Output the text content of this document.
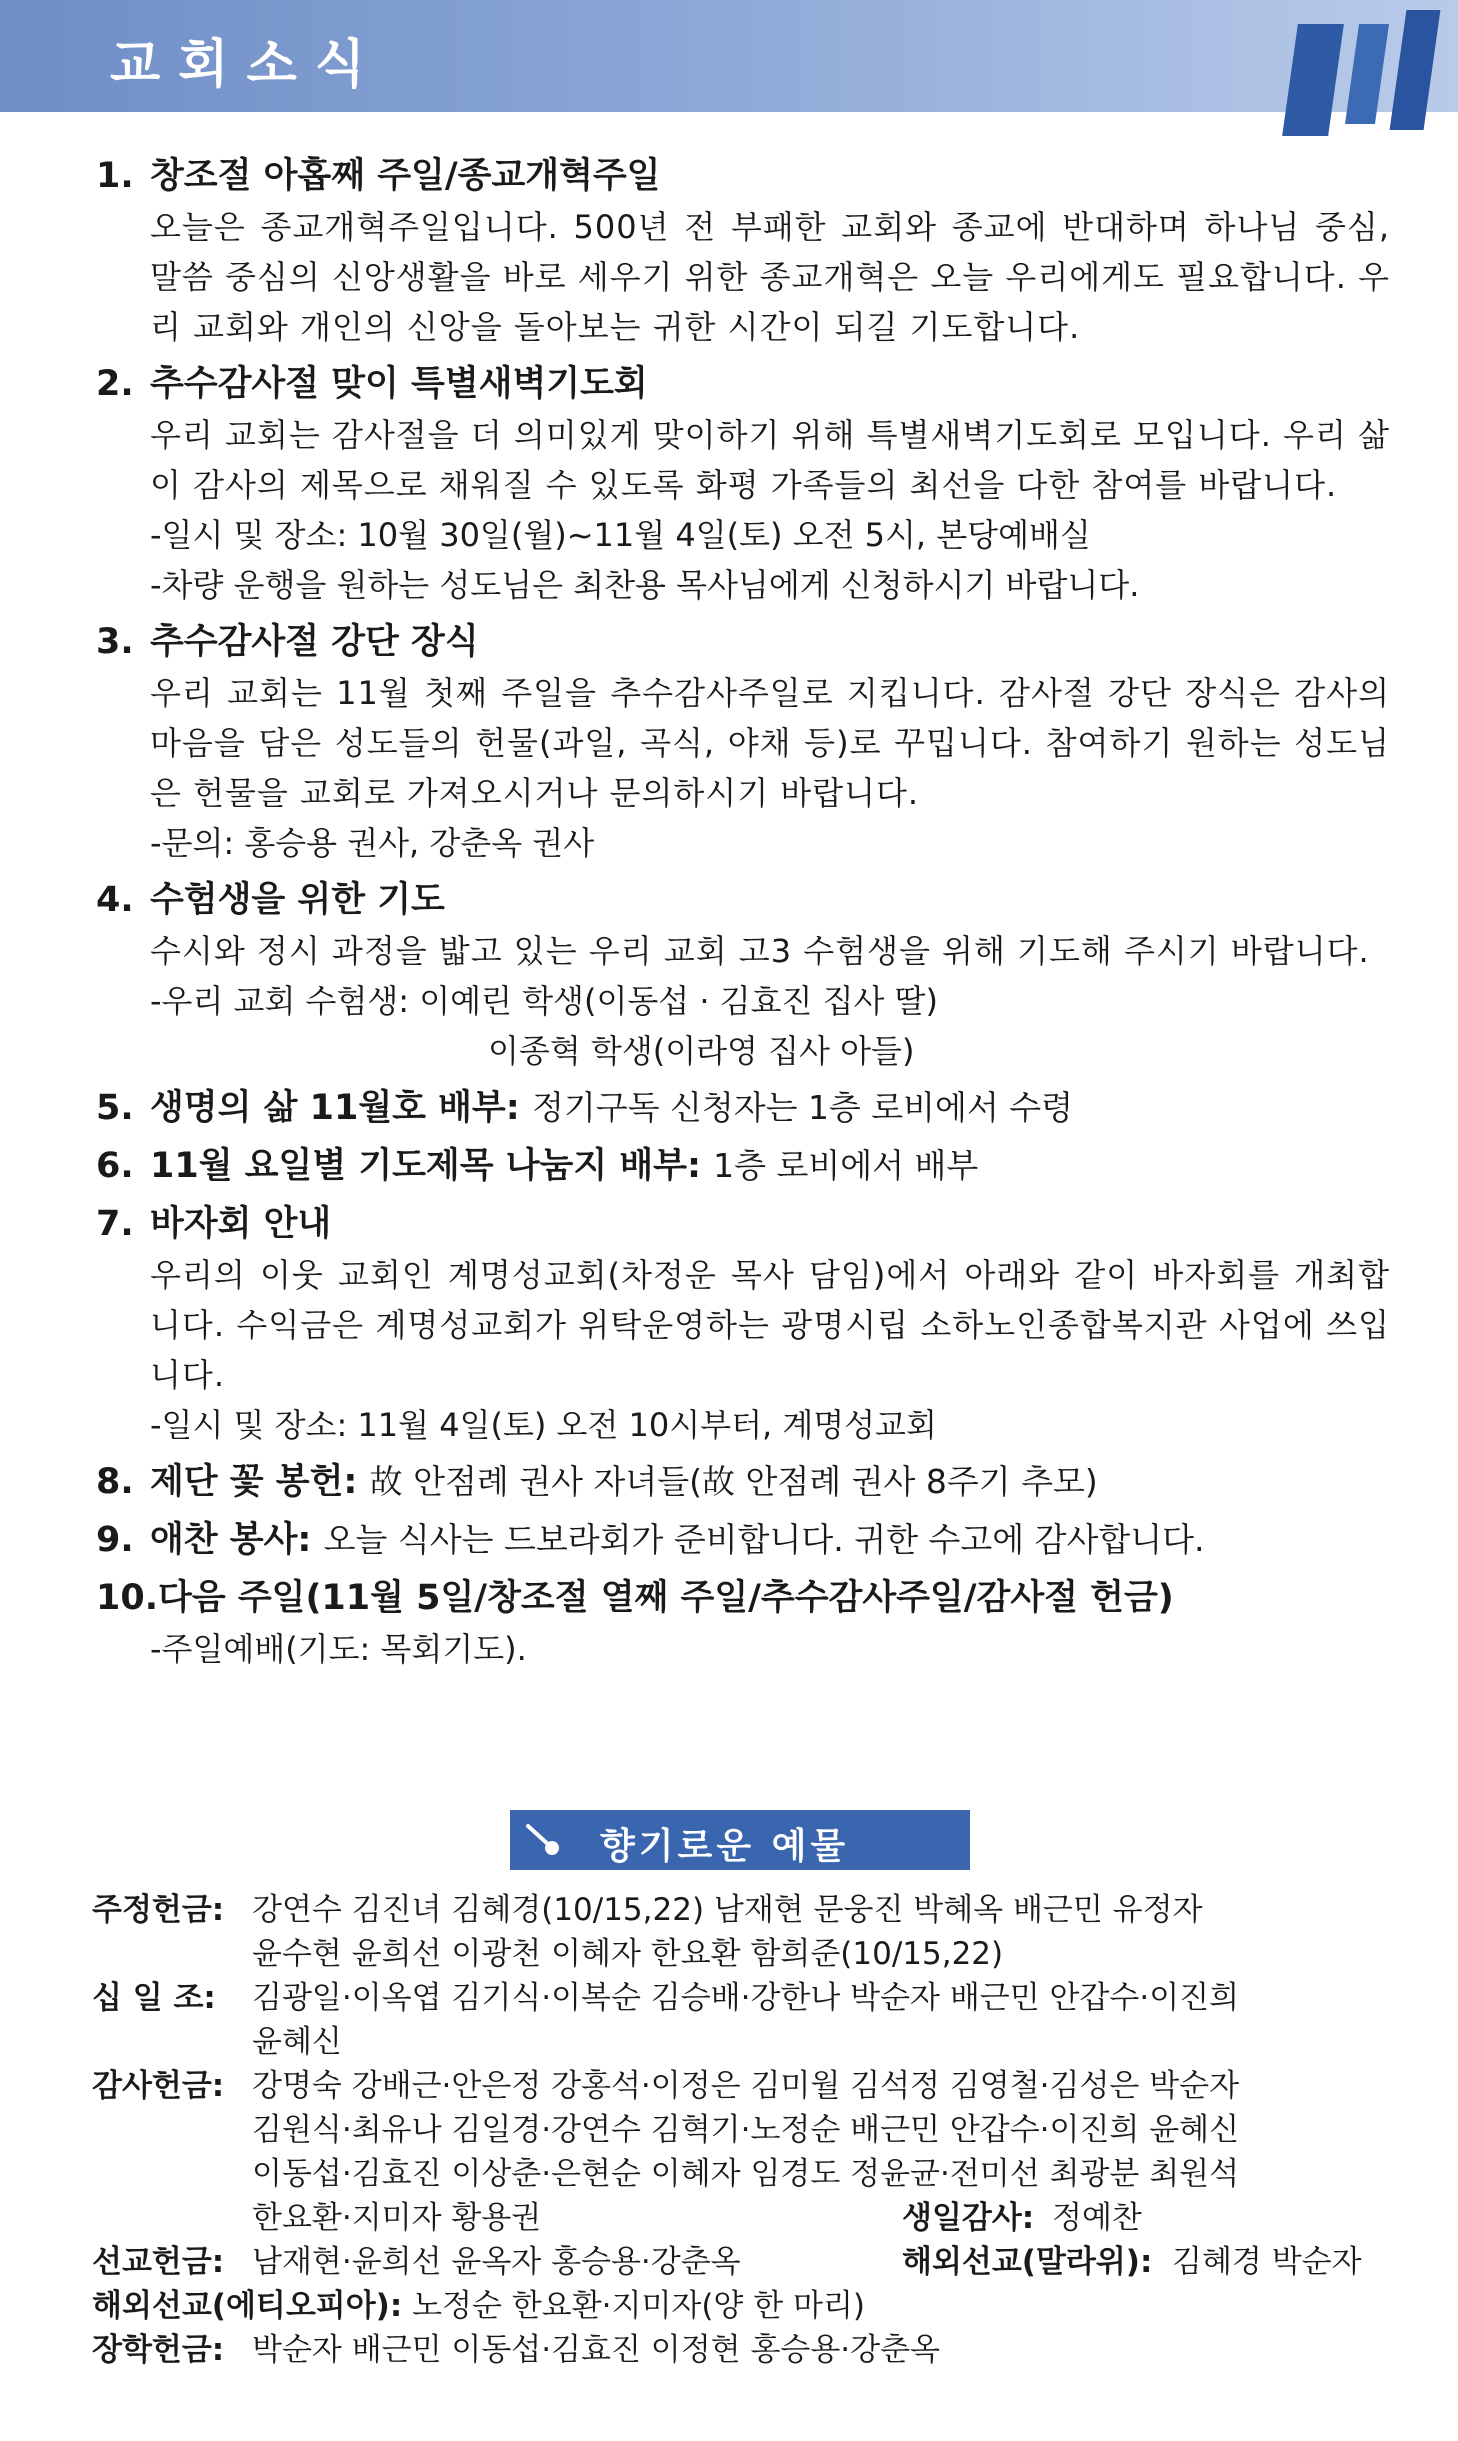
교회소식
1. 창조절 아홉째 주일/종교개혁주일
오늘은 종교개혁주일입니다. 500년 전 부패한 교회와 종교에 반대하며 하나님 중심, 말씀 중심의 신앙생활을 바로 세우기 위한 종교개혁은 오늘 우리에게도 필요합니다. 우리 교회와 개인의 신앙을 돌아보는 귀한 시간이 되길 기도합니다.
2. 추수감사절 맞이 특별새벽기도회
우리 교회는 감사절을 더 의미있게 맞이하기 위해 특별새벽기도회로 모입니다. 우리 삶이 감사의 제목으로 채워질 수 있도록 화평 가족들의 최선을 다한 참여를 바랍니다.
-일시 및 장소: 10월 30일(월)~11월 4일(토) 오전 5시, 본당예배실
-차량 운행을 원하는 성도님은 최찬용 목사님에게 신청하시기 바랍니다.
3. 추수감사절 강단 장식
우리 교회는 11월 첫째 주일을 추수감사주일로 지킵니다. 감사절 강단 장식은 감사의 마음을 담은 성도들의 헌물(과일, 곡식, 야채 등)로 꾸밉니다. 참여하기 원하는 성도님은 헌물을 교회로 가져오시거나 문의하시기 바랍니다.
-문의: 홍승용 권사, 강춘옥 권사
4. 수험생을 위한 기도
수시와 정시 과정을 밟고 있는 우리 교회 고3 수험생을 위해 기도해 주시기 바랍니다.
-우리 교회 수험생: 이예린 학생(이동섭 · 김효진 집사 딸)
이종혁 학생(이라영 집사 아들)
5. 생명의 삶 11월호 배부: 정기구독 신청자는 1층 로비에서 수령
6. 11월 요일별 기도제목 나눔지 배부: 1층 로비에서 배부
7. 바자회 안내
우리의 이웃 교회인 계명성교회(차정운 목사 담임)에서 아래와 같이 바자회를 개최합니다. 수익금은 계명성교회가 위탁운영하는 광명시립 소하노인종합복지관 사업에 쓰입니다.
-일시 및 장소: 11월 4일(토) 오전 10시부터, 계명성교회
8. 제단 꽃 봉헌: 故 안점례 권사 자녀들(故 안점례 권사 8주기 추모)
9. 애찬 봉사: 오늘 식사는 드보라회가 준비합니다. 귀한 수고에 감사합니다.
10.다음 주일(11월 5일/창조절 열째 주일/추수감사주일/감사절 헌금)
-주일예배(기도: 목회기도).
향기로운 예물
주정헌금: 강연수 김진녀 김혜경(10/15,22) 남재현 문웅진 박혜옥 배근민 유정자
윤수현 윤희선 이광천 이혜자 한요환 함희준(10/15,22)
십 일 조: 김광일·이옥엽 김기식·이복순 김승배·강한나 박순자 배근민 안갑수·이진희
윤혜신
감사헌금: 강명숙 강배근·안은정 강홍석·이정은 김미월 김석정 김영철·김성은 박순자
김원식·최유나 김일경·강연수 김혁기·노정순 배근민 안갑수·이진희 윤혜신
이동섭·김효진 이상춘·은현순 이혜자 임경도 정윤균·전미선 최광분 최원석
한요환·지미자 황용권	생일감사: 정예찬
선교헌금: 남재현·윤희선 윤옥자 홍승용·강춘옥	해외선교(말라위): 김혜경 박순자
해외선교(에티오피아): 노정순 한요환·지미자(양 한 마리)
장학헌금: 박순자 배근민 이동섭·김효진 이정현 홍승용·강춘옥
